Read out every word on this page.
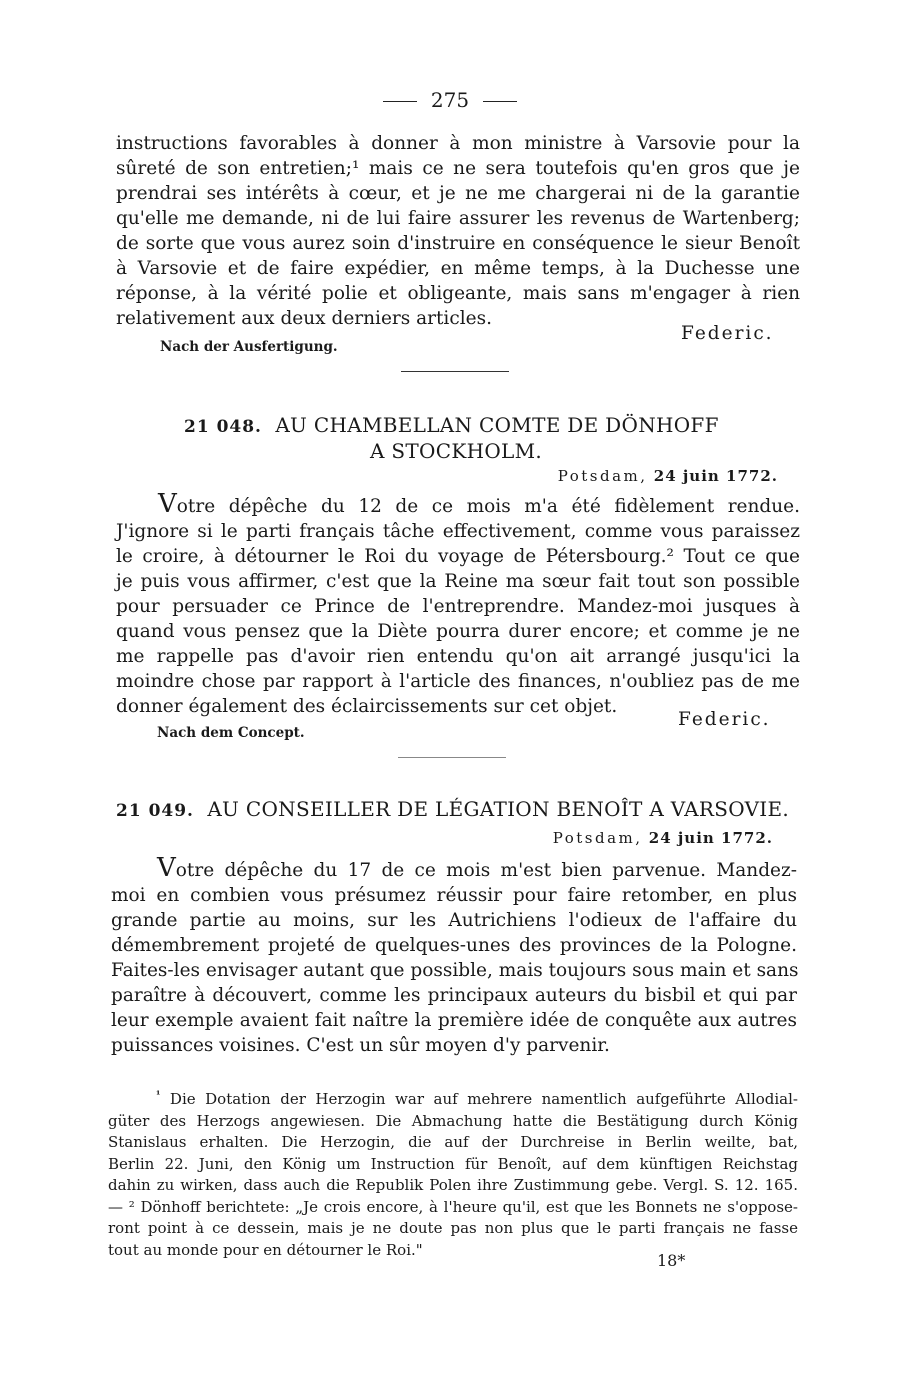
275
instructions favorables à donner à mon ministre à Varsovie pour la
sûreté de son entretien;¹ mais ce ne sera toutefois qu'en gros que je
prendrai ses intérêts à cœur, et je ne me chargerai ni de la garantie
qu'elle me demande, ni de lui faire assurer les revenus de Wartenberg;
de sorte que vous aurez soin d'instruire en conséquence le sieur Benoît
à Varsovie et de faire expédier, en même temps, à la Duchesse une
réponse, à la vérité polie et obligeante, mais sans m'engager à rien
relativement aux deux derniers articles.
Federic.
Nach der Ausfertigung.
21 048. AU CHAMBELLAN COMTE DE DÖNHOFF
A STOCKHOLM.
Potsdam, 24 juin 1772.
Votre dépêche du 12 de ce mois m'a été fidèlement rendue.
J'ignore si le parti français tâche effectivement, comme vous paraissez
le croire, à détourner le Roi du voyage de Pétersbourg.² Tout ce que
je puis vous affirmer, c'est que la Reine ma sœur fait tout son possible
pour persuader ce Prince de l'entreprendre. Mandez-moi jusques à
quand vous pensez que la Diète pourra durer encore; et comme je ne
me rappelle pas d'avoir rien entendu qu'on ait arrangé jusqu'ici la
moindre chose par rapport à l'article des finances, n'oubliez pas de me
donner également des éclaircissements sur cet objet.
Federic.
Nach dem Concept.
21 049. AU CONSEILLER DE LÉGATION BENOÎT A VARSOVIE.
Potsdam, 24 juin 1772.
Votre dépêche du 17 de ce mois m'est bien parvenue. Mandez-
moi en combien vous présumez réussir pour faire retomber, en plus
grande partie au moins, sur les Autrichiens l'odieux de l'affaire du
démembrement projeté de quelques-unes des provinces de la Pologne.
Faites-les envisager autant que possible, mais toujours sous main et sans
paraître à découvert, comme les principaux auteurs du bisbil et qui par
leur exemple avaient fait naître la première idée de conquête aux autres
puissances voisines. C'est un sûr moyen d'y parvenir.
$^{^1}$ Die Dotation der Herzogin war auf mehrere namentlich aufgeführte Allodial-
güter des Herzogs angewiesen. Die Abmachung hatte die Bestätigung durch König
Stanislaus erhalten. Die Herzogin, die auf der Durchreise in Berlin weilte, bat,
Berlin 22. Juni, den König um Instruction für Benoît, auf dem künftigen Reichstag
dahin zu wirken, dass auch die Republik Polen ihre Zustimmung gebe. Vergl. S. 12. 165.
— ² Dönhoff berichtete: „Je crois encore, à l'heure qu'il, est que les Bonnets ne s'oppose-
ront point à ce dessein, mais je ne doute pas non plus que le parti français ne fasse
tout au monde pour en détourner le Roi."
18*
